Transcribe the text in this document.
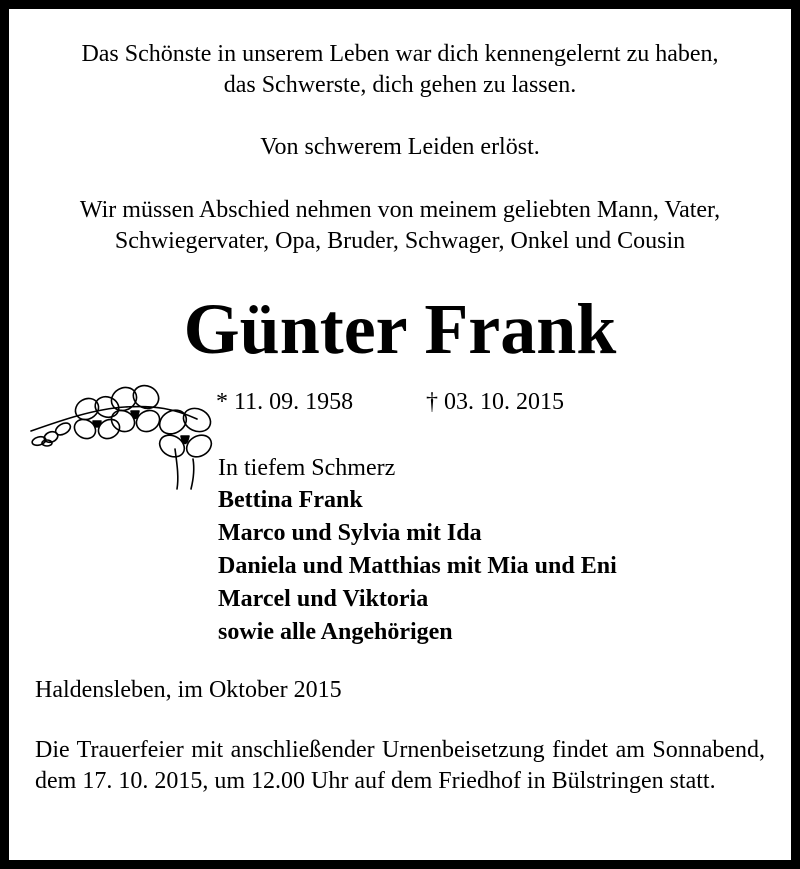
Das Schönste in unserem Leben war dich kennengelernt zu haben,
das Schwerste, dich gehen zu lassen.
Von schwerem Leiden erlöst.
Wir müssen Abschied nehmen von meinem geliebten Mann, Vater,
Schwiegervater, Opa, Bruder, Schwager, Onkel und Cousin
Günter Frank
* 11. 09. 1958	† 03. 10. 2015
In tiefem Schmerz
Bettina Frank
Marco und Sylvia mit Ida
Daniela und Matthias mit Mia und Eni
Marcel und Viktoria
sowie alle Angehörigen
Haldensleben, im Oktober 2015
Die Trauerfeier mit anschließender Urnenbeisetzung findet am Sonnabend, dem 17. 10. 2015, um 12.00 Uhr auf dem Friedhof in Bülstringen statt.
